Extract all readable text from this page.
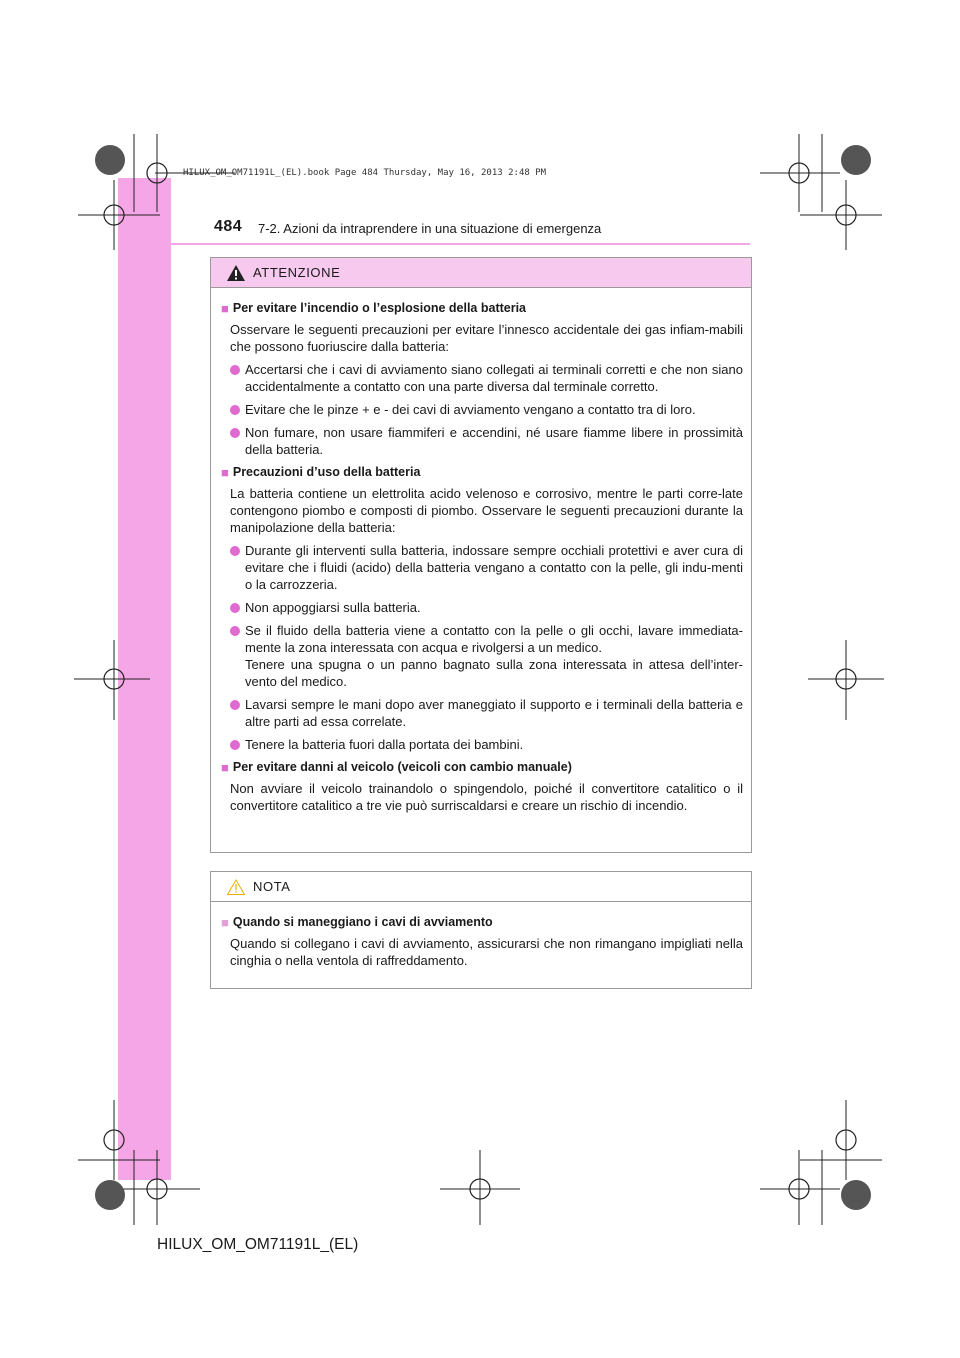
HILUX_OM_OM71191L_(EL).book Page 484 Thursday, May 16, 2013 2:48 PM
484 7-2. Azioni da intraprendere in una situazione di emergenza
ATTENZIONE
■ Per evitare l’incendio o l’esplosione della batteria
Osservare le seguenti precauzioni per evitare l’innesco accidentale dei gas infiam-mabili che possono fuoriuscire dalla batteria:
Accertarsi che i cavi di avviamento siano collegati ai terminali corretti e che non siano accidentalmente a contatto con una parte diversa dal terminale corretto.
Evitare che le pinze + e - dei cavi di avviamento vengano a contatto tra di loro.
Non fumare, non usare fiammiferi e accendini, né usare fiamme libere in prossimità della batteria.
■ Precauzioni d’uso della batteria
La batteria contiene un elettrolita acido velenoso e corrosivo, mentre le parti corre-late contengono piombo e composti di piombo. Osservare le seguenti precauzioni durante la manipolazione della batteria:
Durante gli interventi sulla batteria, indossare sempre occhiali protettivi e aver cura di evitare che i fluidi (acido) della batteria vengano a contatto con la pelle, gli indu-menti o la carrozzeria.
Non appoggiarsi sulla batteria.
Se il fluido della batteria viene a contatto con la pelle o gli occhi, lavare immediata-mente la zona interessata con acqua e rivolgersi a un medico.
Tenere una spugna o un panno bagnato sulla zona interessata in attesa dell’inter-vento del medico.
Lavarsi sempre le mani dopo aver maneggiato il supporto e i terminali della batteria e altre parti ad essa correlate.
Tenere la batteria fuori dalla portata dei bambini.
■ Per evitare danni al veicolo (veicoli con cambio manuale)
Non avviare il veicolo trainandolo o spingendolo, poiché il convertitore catalitico o il convertitore catalitico a tre vie può surriscaldarsi e creare un rischio di incendio.
NOTA
■ Quando si maneggiano i cavi di avviamento
Quando si collegano i cavi di avviamento, assicurarsi che non rimangano impigliati nella cinghia o nella ventola di raffreddamento.
HILUX_OM_OM71191L_(EL)
